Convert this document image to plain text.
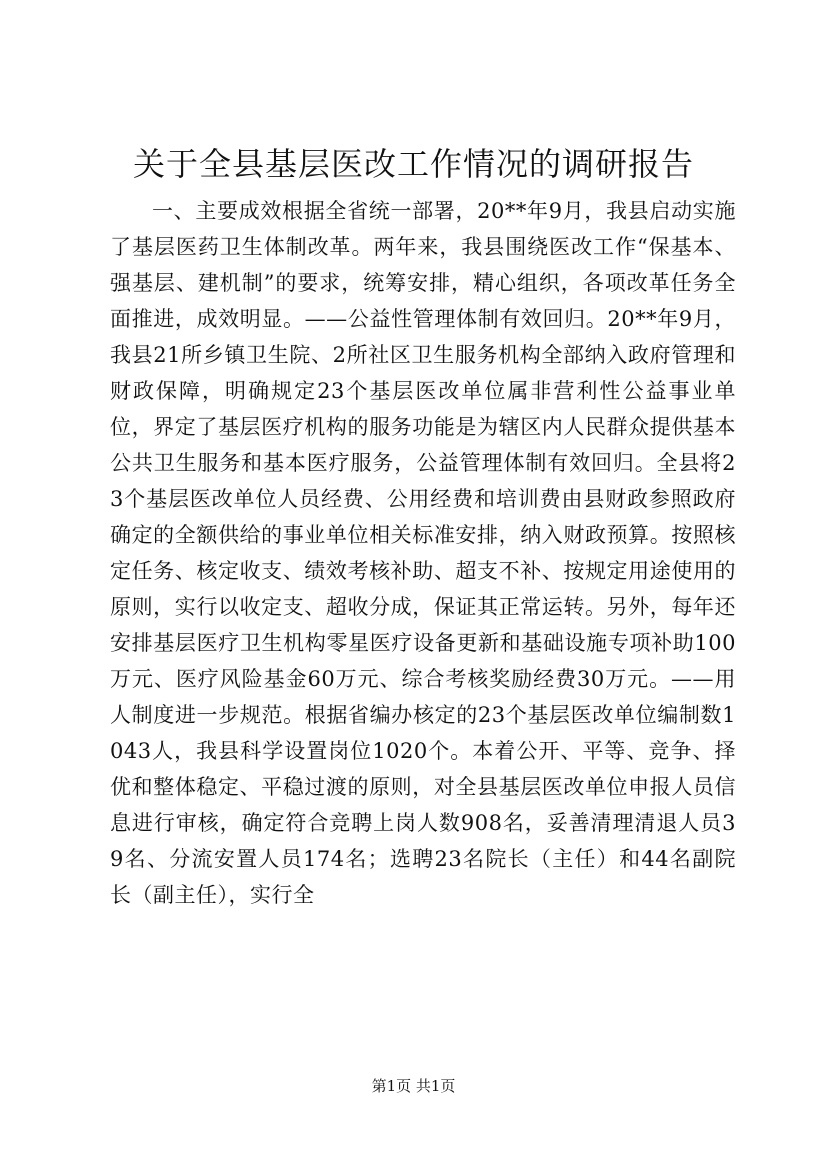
关于全县基层医改工作情况的调研报告

一、主要成效根据全省统一部署，20**年9月，我县启动实施了基层医药卫生体制改革。两年来，我县围绕医改工作“保基本、强基层、建机制”的要求，统筹安排，精心组织，各项改革任务全面推进，成效明显。——公益性管理体制有效回归。20**年9月，我县21所乡镇卫生院、2所社区卫生服务机构全部纳入政府管理和财政保障，明确规定23个基层医改单位属非营利性公益事业单位，界定了基层医疗机构的服务功能是为辖区内人民群众提供基本公共卫生服务和基本医疗服务，公益管理体制有效回归。全县将23个基层医改单位人员经费、公用经费和培训费由县财政参照政府确定的全额供给的事业单位相关标准安排，纳入财政预算。按照核定任务、核定收支、绩效考核补助、超支不补、按规定用途使用的原则，实行以收定支、超收分成，保证其正常运转。另外，每年还安排基层医疗卫生机构零星医疗设备更新和基础设施专项补助100万元、医疗风险基金60万元、综合考核奖励经费30万元。——用人制度进一步规范。根据省编办核定的23个基层医改单位编制数1043人，我县科学设置岗位1020个。本着公开、平等、竞争、择优和整体稳定、平稳过渡的原则，对全县基层医改单位申报人员信息进行审核，确定符合竞聘上岗人数908名，妥善清理清退人员39名、分流安置人员174名；选聘23名院长（主任）和44名副院长（副主任），实行全

第1页 共1页
